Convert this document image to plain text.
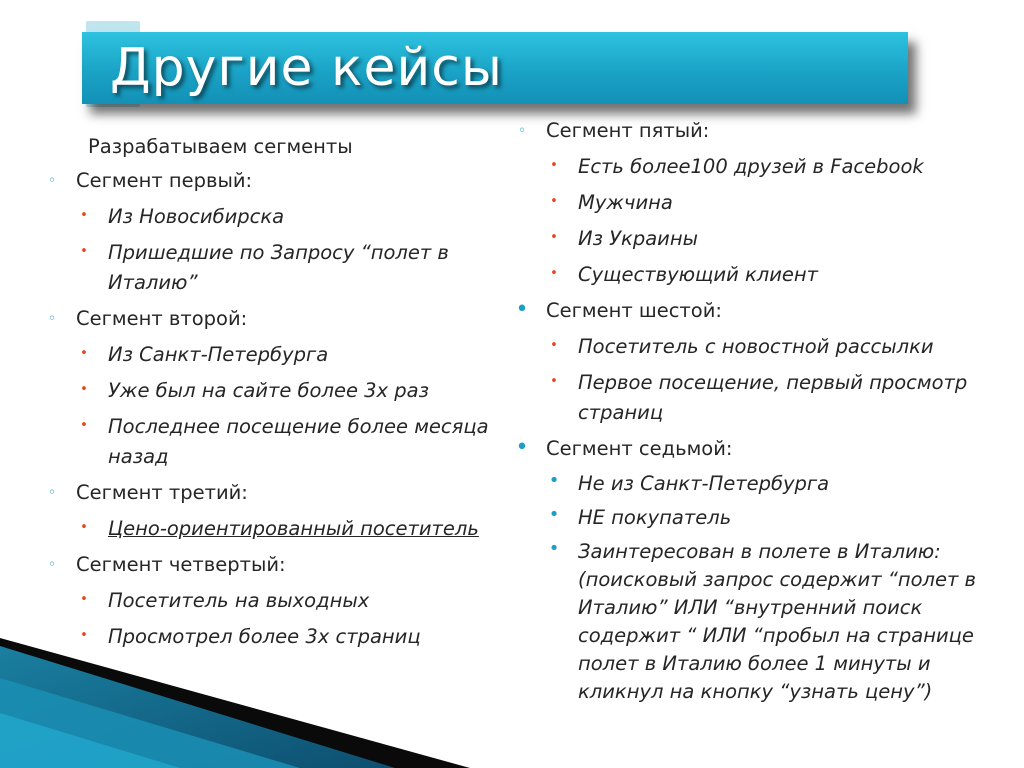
Другие кейсы

Разрабатываем сегменты

◦ Сегмент первый:
• Из Новосибирска
• Пришедшие по Запросу “полет в Италию”
◦ Сегмент второй:
• Из Санкт-Петербурга
• Уже был на сайте более 3х раз
• Последнее посещение более месяца назад
◦ Сегмент третий:
• Цено-ориентированный посетитель
◦ Сегмент четвертый:
• Посетитель на выходных
• Просмотрел более 3х страниц
◦ Сегмент пятый:
• Есть более100 друзей в Facebook
• Мужчина
• Из Украины
• Существующий клиент
• Сегмент шестой:
• Посетитель с новостной рассылки
• Первое посещение, первый просмотр страниц
• Сегмент седьмой:
• Не из Санкт-Петербурга
• НЕ покупатель
• Заинтересован в полете в Италию: (поисковый запрос содержит “полет в Италию” ИЛИ “внутренний поиск содержит “ ИЛИ “пробыл на странице полет в Италию более 1 минуты и кликнул на кнопку “узнать цену”)
